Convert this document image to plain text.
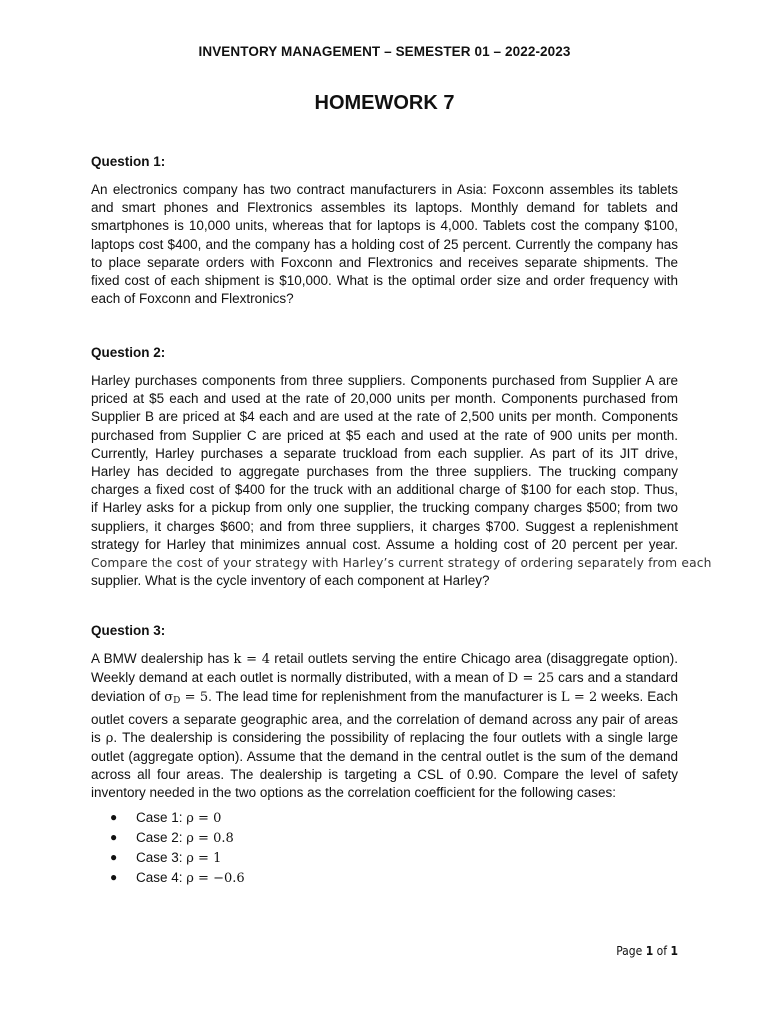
INVENTORY MANAGEMENT – SEMESTER 01 – 2022-2023
HOMEWORK 7
Question 1:
An electronics company has two contract manufacturers in Asia: Foxconn assembles its tablets
and smart phones and Flextronics assembles its laptops. Monthly demand for tablets and
smartphones is 10,000 units, whereas that for laptops is 4,000. Tablets cost the company $100,
laptops cost $400, and the company has a holding cost of 25 percent. Currently the company has
to place separate orders with Foxconn and Flextronics and receives separate shipments. The
fixed cost of each shipment is $10,000. What is the optimal order size and order frequency with
each of Foxconn and Flextronics?
Question 2:
Harley purchases components from three suppliers. Components purchased from Supplier A are
priced at $5 each and used at the rate of 20,000 units per month. Components purchased from
Supplier B are priced at $4 each and are used at the rate of 2,500 units per month. Components
purchased from Supplier C are priced at $5 each and used at the rate of 900 units per month.
Currently, Harley purchases a separate truckload from each supplier. As part of its JIT drive,
Harley has decided to aggregate purchases from the three suppliers. The trucking company
charges a fixed cost of $400 for the truck with an additional charge of $100 for each stop. Thus,
if Harley asks for a pickup from only one supplier, the trucking company charges $500; from two
suppliers, it charges $600; and from three suppliers, it charges $700. Suggest a replenishment
strategy for Harley that minimizes annual cost. Assume a holding cost of 20 percent per year.
Compare the cost of your strategy with Harley’s current strategy of ordering separately from each
supplier. What is the cycle inventory of each component at Harley?
Question 3:
A BMW dealership has k = 4 retail outlets serving the entire Chicago area (disaggregate option).
Weekly demand at each outlet is normally distributed, with a mean of D = 25 cars and a standard
deviation of $\sigma_D = 5$. The lead time for replenishment from the manufacturer is L = 2 weeks. Each
outlet covers a separate geographic area, and the correlation of demand across any pair of areas
is ρ. The dealership is considering the possibility of replacing the four outlets with a single large
outlet (aggregate option). Assume that the demand in the central outlet is the sum of the demand
across all four areas. The dealership is targeting a CSL of 0.90. Compare the level of safety
inventory needed in the two options as the correlation coefficient for the following cases:
● Case 1: ρ = 0
● Case 2: ρ = 0.8
● Case 3: ρ = 1
● Case 4: ρ = −0.6
Page 1 of 1
